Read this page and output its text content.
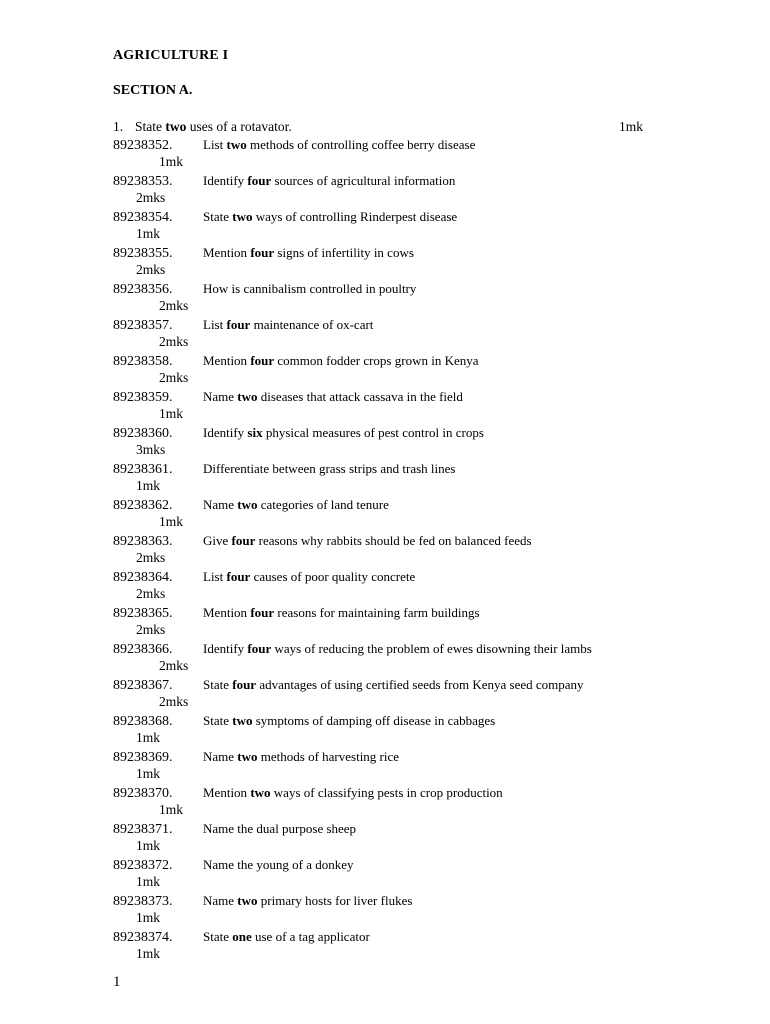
AGRICULTURE I
SECTION A.
1. State two uses of a rotavator.	1mk
89238352. List two methods of controlling coffee berry disease
1mk
89238353. Identify four sources of agricultural information
2mks
89238354. State two ways of controlling Rinderpest disease
1mk
89238355. Mention four signs of infertility in cows
2mks
89238356. How is cannibalism controlled in poultry
2mks
89238357. List four maintenance of ox-cart
2mks
89238358. Mention four common fodder crops grown in Kenya
2mks
89238359. Name two diseases that attack cassava in the field
1mk
89238360. Identify six physical measures of pest control in crops
3mks
89238361. Differentiate between grass strips and trash lines
1mk
89238362. Name two categories of land tenure
1mk
89238363. Give four reasons why rabbits should be fed on balanced feeds
2mks
89238364. List four causes of poor quality concrete
2mks
89238365. Mention four reasons for maintaining farm buildings
2mks
89238366. Identify four ways of reducing the problem of ewes disowning their lambs
2mks
89238367. State four advantages of using certified seeds from Kenya seed company
2mks
89238368. State two symptoms of damping off disease in cabbages
1mk
89238369. Name two methods of harvesting rice
1mk
89238370. Mention two ways of classifying pests in crop production
1mk
89238371. Name the dual purpose sheep
1mk
89238372. Name the young of a donkey
1mk
89238373. Name two primary hosts for liver flukes
1mk
89238374. State one use of a tag applicator
1mk
1
